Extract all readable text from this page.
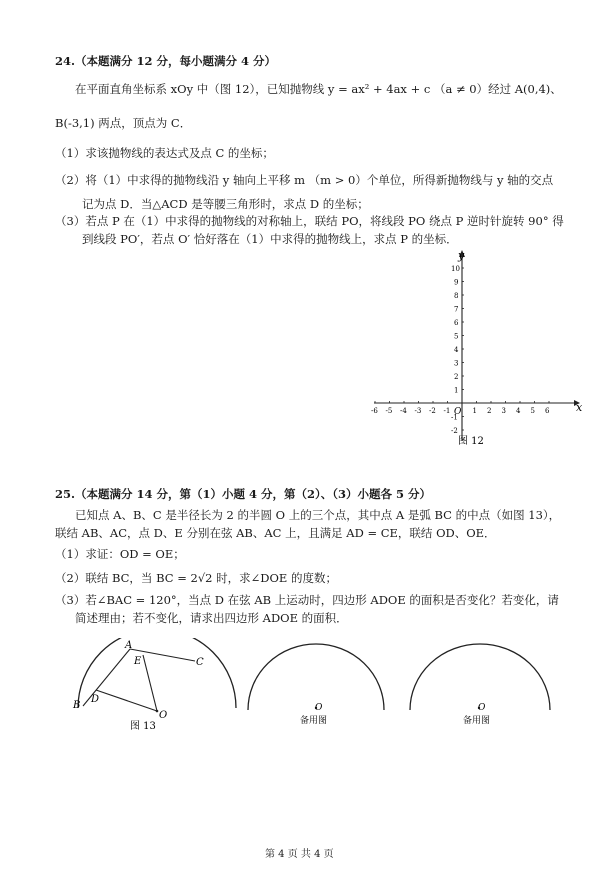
24.（本题满分 12 分，每小题满分 4 分）
在平面直角坐标系 xOy 中（图 12），已知抛物线 y = ax² + 4ax + c （a ≠ 0）经过 A(0,4)、
B(-3,1) 两点，顶点为 C．
（1）求该抛物线的表达式及点 C 的坐标；
（2）将（1）中求得的抛物线沿 y 轴向上平移 m （m > 0）个单位，所得新抛物线与 y 轴的交点
记为点 D．当△ACD 是等腰三角形时，求点 D 的坐标；
（3）若点 P 在（1）中求得的抛物线的对称轴上，联结 PO，将线段 PO 绕点 P 逆时针旋转 90° 得
到线段 PO′，若点 O′ 恰好落在（1）中求得的抛物线上，求点 P 的坐标．
-6 -5 -4 -3 -2 -1	1 2 3 4 5 6
10
9
8
7
6
5
4
3
2
1
-1
-2
x
y
O
图 12
25.（本题满分 14 分，第（1）小题 4 分，第（2）、（3）小题各 5 分）
已知点 A、B、C 是半径长为 2 的半圆 O 上的三个点，其中点 A 是弧 BC 的中点（如图 13），
联结 AB、AC，点 D、E 分别在弦 AB、AC 上，且满足 AD = CE，联结 OD、OE．
（1）求证：OD = OE；
（2）联结 BC，当 BC = 2√2 时，求∠DOE 的度数；
（3）若∠BAC = 120°，当点 D 在弦 AB 上运动时，四边形 ADOE 的面积是否变化？若变化，请
简述理由；若不变化，请求出四边形 ADOE 的面积．
A
B
C
D
E
O
图 13
O
备用图
O
备用图
第 4 页 共 4 页
